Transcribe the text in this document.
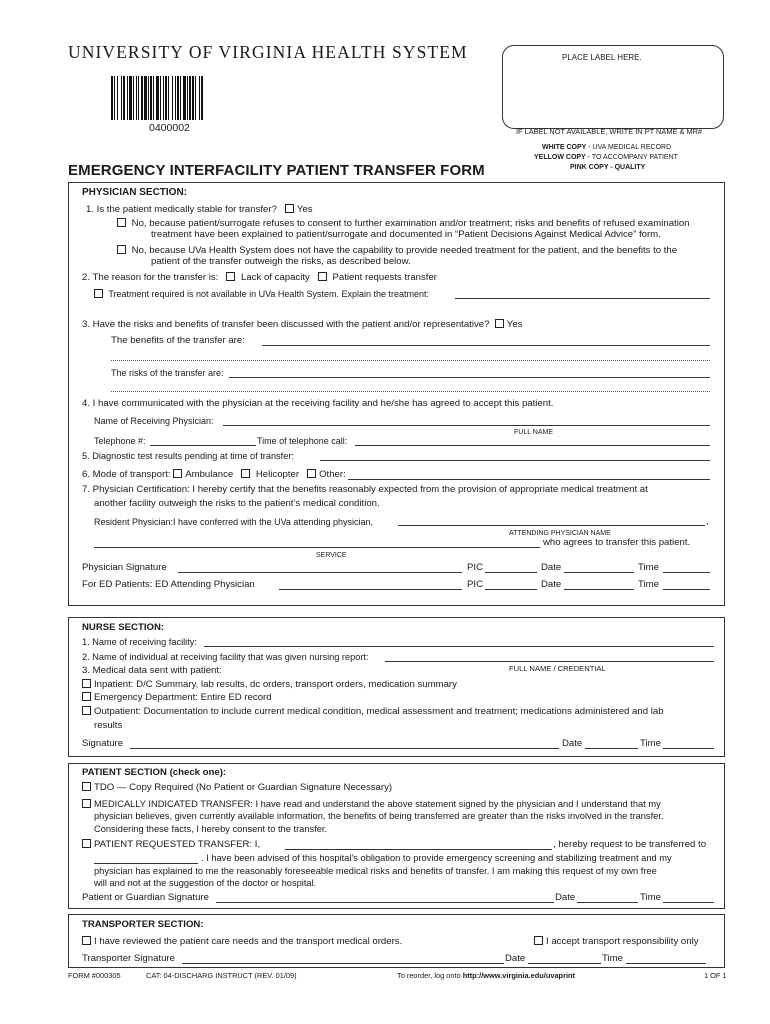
UNIVERSITY OF VIRGINIA HEALTH SYSTEM
0400002
EMERGENCY INTERFACILITY PATIENT TRANSFER FORM
PLACE LABEL HERE.
IF LABEL NOT AVAILABLE, WRITE IN PT NAME & MR#
WHITE COPY - UVA MEDICAL RECORD
YELLOW COPY - TO ACCOMPANY PATIENT
PINK COPY - QUALITY
PHYSICIAN SECTION:
1. Is the patient medically stable for transfer? Yes
No, because patient/surrogate refuses to consent to further examination and/or treatment; risks and benefits of refused examination
treatment have been explained to patient/surrogate and documented in “Patient Decisions Against Medical Advice” form.
No, because UVa Health System does not have the capability to provide needed treatment for the patient, and the benefits to the
patient of the transfer outweigh the risks, as described below.
2. The reason for the transfer is: Lack of capacity Patient requests transfer
Treatment required is not available in UVa Health System. Explain the treatment:
3. Have the risks and benefits of transfer been discussed with the patient and/or representative? Yes
The benefits of the transfer are:
The risks of the transfer are:
4. I have communicated with the physician at the receiving facility and he/she has agreed to accept this patient.
Name of Receiving Physician:
FULL NAME
Telephone #:	Time of telephone call:
5. Diagnostic test results pending at time of transfer:
6. Mode of transport: Ambulance Helicopter Other:
7. Physician Certification: I hereby certify that the benefits reasonably expected from the provision of appropriate medical treatment at
another facility outweigh the risks to the patient’s medical condition.
Resident Physician:I have conferred with the UVa attending physician,	,
ATTENDING PHYSICIAN NAME
who agrees to transfer this patient.
SERVICE
Physician Signature	PIC	Date	Time
For ED Patients: ED Attending Physician	PIC	Date	Time
NURSE SECTION:
1. Name of receiving facility:
2. Name of individual at receiving facility that was given nursing report:
FULL NAME / CREDENTIAL
3. Medical data sent with patient:
Inpatient: D/C Summary, lab results, dc orders, transport orders, medication summary
Emergency Department: Entire ED record
Outpatient: Documentation to include current medical condition, medical assessment and treatment; medications administered and lab
results
Signature	Date	Time
PATIENT SECTION (check one):
TDO — Copy Required (No Patient or Guardian Signature Necessary)
MEDICALLY INDICATED TRANSFER: I have read and understand the above statement signed by the physician and I understand that my
physician believes, given currently available information, the benefits of being transferred are greater than the risks involved in the transfer.
Considering these facts, I hereby consent to the transfer.
PATIENT REQUESTED TRANSFER: I,	, hereby request to be transferred to
. I have been advised of this hospital’s obligation to provide emergency screening and stabilizing treatment and my
physician has explained to me the reasonably foreseeable medical risks and benefits of transfer. I am making this request of my own free
will and not at the suggestion of the doctor or hospital.
Patient or Guardian Signature	Date	Time
TRANSPORTER SECTION:
I have reviewed the patient care needs and the transport medical orders.	I accept transport responsibility only
Transporter Signature	Date	Time
FORM #000305	CAT: 04-DISCHARG INSTRUCT (REV. 01/09)	To reorder, log onto http://www.virginia.edu/uvaprint	1 OF 1
